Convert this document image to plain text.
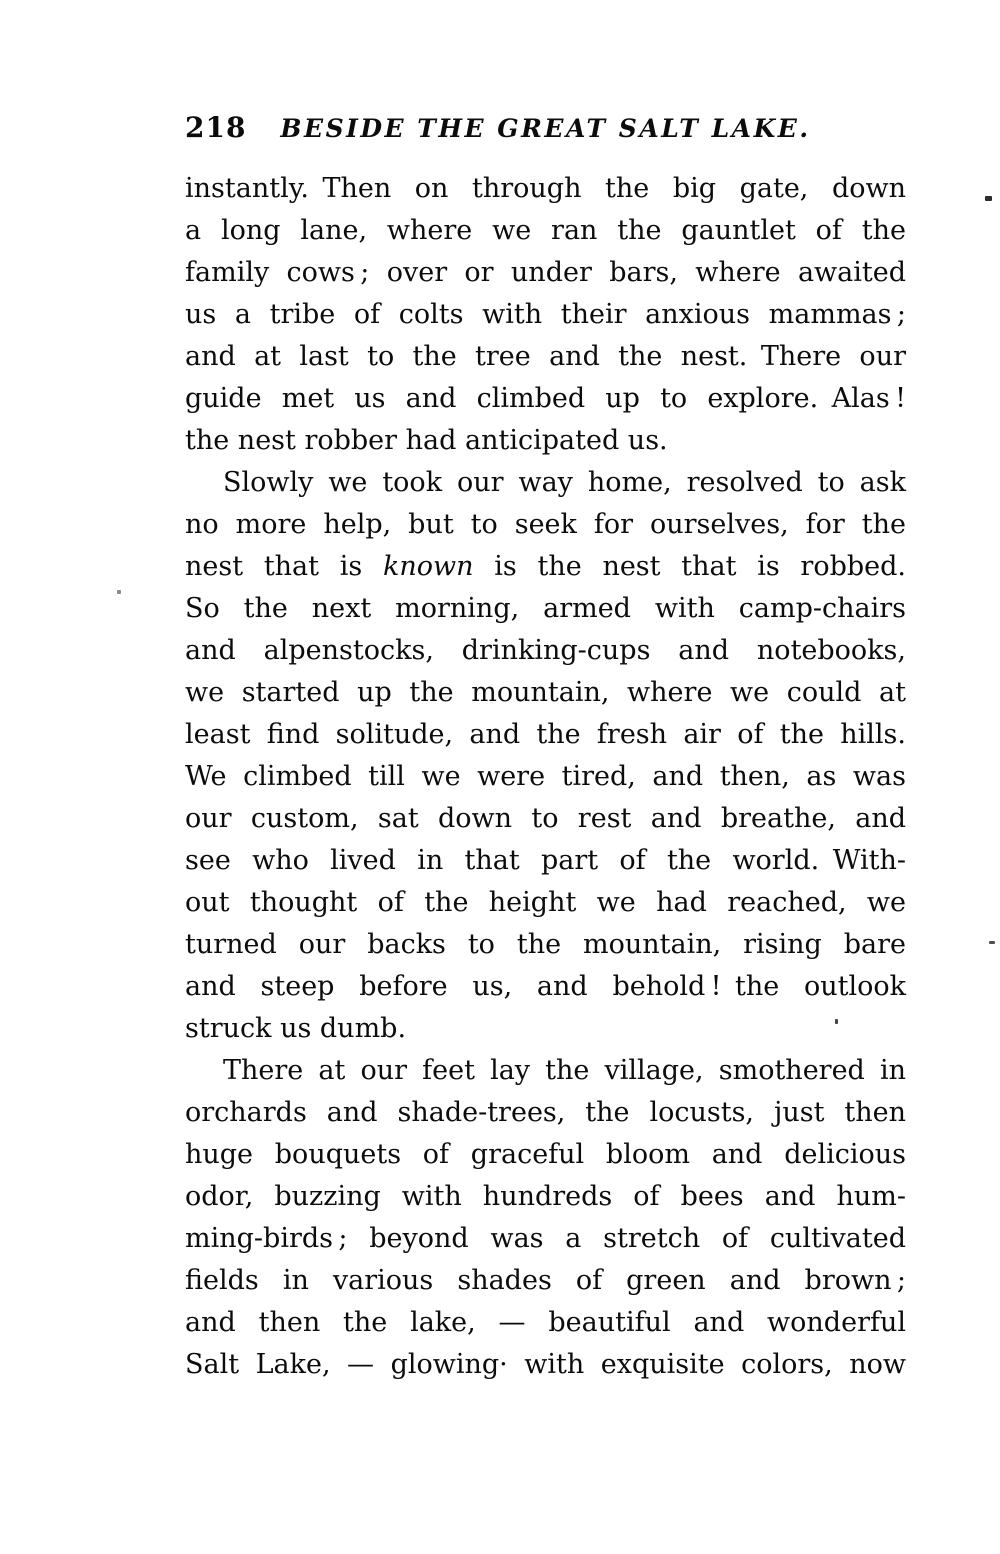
218	BESIDE THE GREAT SALT LAKE.
instantly. Then on through the big gate, down
a long lane, where we ran the gauntlet of the
family cows ; over or under bars, where awaited
us a tribe of colts with their anxious mammas ;
and at last to the tree and the nest. There our
guide met us and climbed up to explore. Alas !
the nest robber had anticipated us.
Slowly we took our way home, resolved to ask
no more help, but to seek for ourselves, for the
nest that is known is the nest that is robbed.
So the next morning, armed with camp-chairs
and alpenstocks, drinking-cups and notebooks,
we started up the mountain, where we could at
least find solitude, and the fresh air of the hills.
We climbed till we were tired, and then, as was
our custom, sat down to rest and breathe, and
see who lived in that part of the world. With-
out thought of the height we had reached, we
turned our backs to the mountain, rising bare
and steep before us, and behold ! the outlook
struck us dumb.
There at our feet lay the village, smothered in
orchards and shade-trees, the locusts, just then
huge bouquets of graceful bloom and delicious
odor, buzzing with hundreds of bees and hum-
ming-birds ; beyond was a stretch of cultivated
fields in various shades of green and brown ;
and then the lake, — beautiful and wonderful
Salt Lake, — glowing· with exquisite colors, now
